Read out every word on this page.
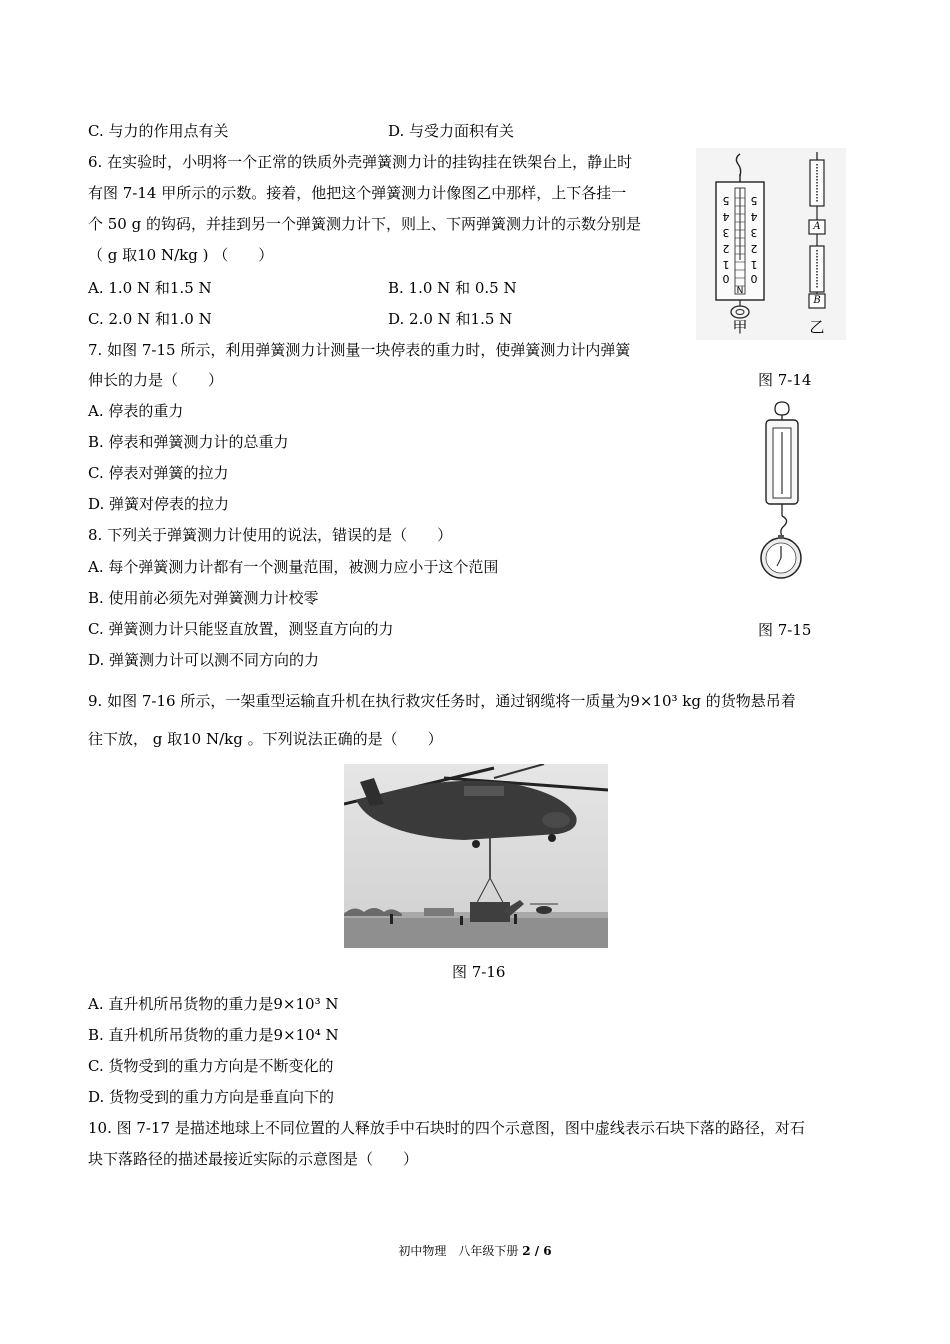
C. 与力的作用点有关	D. 与受力面积有关
6. 在实验时，小明将一个正常的铁质外壳弹簧测力计的挂钩挂在铁架台上，静止时
有图 7-14 甲所示的示数。接着，他把这个弹簧测力计像图乙中那样，上下各挂一
个 50 g 的钩码，并挂到另一个弹簧测力计下，则上、下两弹簧测力计的示数分别是
（ g 取10 N/kg ) （　　）
A. 1.0 N 和1.5 N	B. 1.0 N 和 0.5 N
C. 2.0 N 和1.0 N	D. 2.0 N 和1.5 N
5
4
3
2
1
0
5
4
3
2
1
0
N
A
B
甲	乙
图 7-14
7. 如图 7-15 所示，利用弹簧测力计测量一块停表的重力时，使弹簧测力计内弹簧
伸长的力是（　　）
A. 停表的重力
B. 停表和弹簧测力计的总重力
C. 停表对弹簧的拉力
D. 弹簧对停表的拉力
图 7-15
8. 下列关于弹簧测力计使用的说法，错误的是（　　）
A. 每个弹簧测力计都有一个测量范围，被测力应小于这个范围
B. 使用前必须先对弹簧测力计校零
C. 弹簧测力计只能竖直放置，测竖直方向的力
D. 弹簧测力计可以测不同方向的力
9. 如图 7-16 所示，一架重型运输直升机在执行救灾任务时，通过钢缆将一质量为9×10³ kg 的货物悬吊着
往下放， g 取10 N/kg 。下列说法正确的是（　　）
图 7-16
A. 直升机所吊货物的重力是9×10³ N
B. 直升机所吊货物的重力是9×10⁴ N
C. 货物受到的重力方向是不断变化的
D. 货物受到的重力方向是垂直向下的
10. 图 7-17 是描述地球上不同位置的人释放手中石块时的四个示意图，图中虚线表示石块下落的路径，对石
块下落路径的描述最接近实际的示意图是（　　）
初中物理　八年级下册 2 / 6
